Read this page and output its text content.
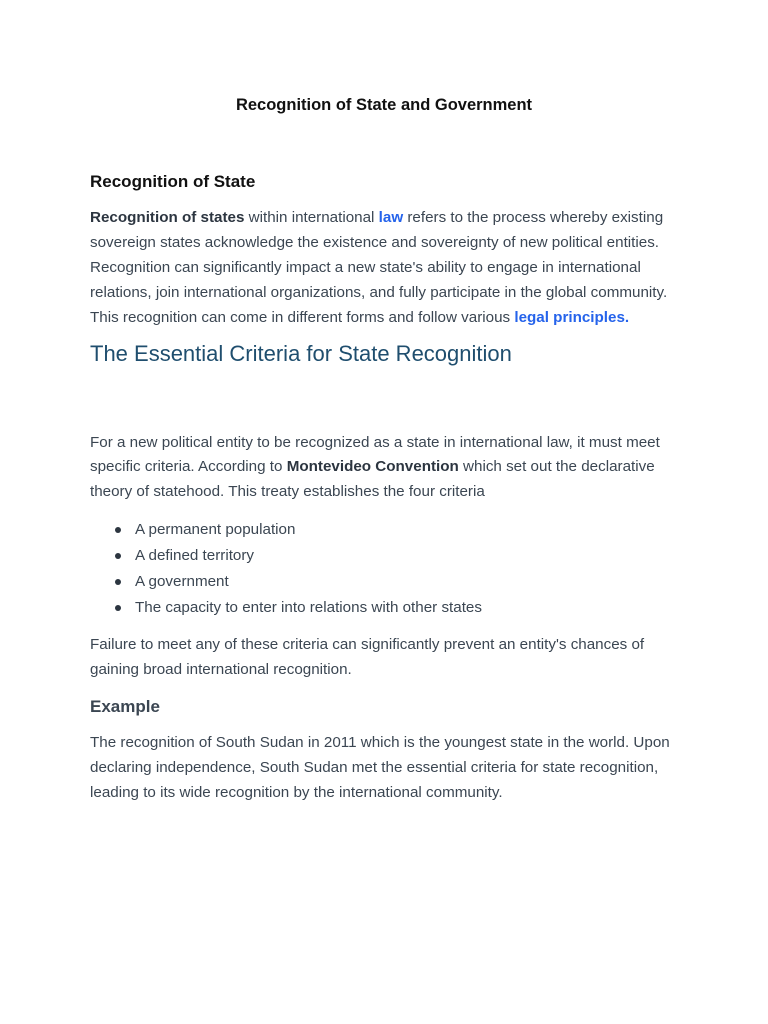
Recognition of State and Government
Recognition of State

Recognition of states within international law refers to the process whereby existing sovereign states acknowledge the existence and sovereignty of new political entities. Recognition can significantly impact a new state's ability to engage in international relations, join international organizations, and fully participate in the global community. This recognition can come in different forms and follow various legal principles.

The Essential Criteria for State Recognition

For a new political entity to be recognized as a state in international law, it must meet specific criteria. According to Montevideo Convention which set out the declarative theory of statehood. This treaty establishes the four criteria

A permanent population
A defined territory
A government
The capacity to enter into relations with other states

Failure to meet any of these criteria can significantly prevent an entity's chances of gaining broad international recognition.

Example

The recognition of South Sudan in 2011 which is the youngest state in the world. Upon declaring independence, South Sudan met the essential criteria for state recognition, leading to its wide recognition by the international community.
